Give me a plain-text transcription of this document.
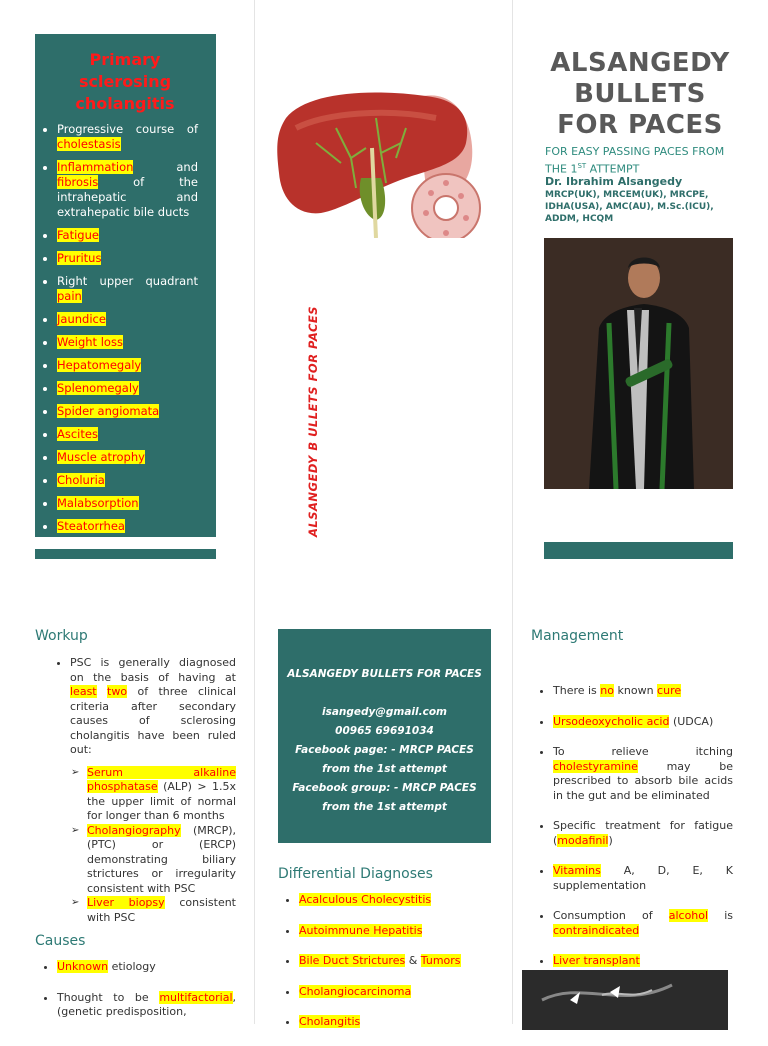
Primary sclerosing cholangitis
• Progressive course of cholestasis
• Inflammation	and fibrosis	of the intrahepatic and extrahepatic bile ducts
• Fatigue
• Pruritus
• Right upper quadrant pain
• Jaundice
• Weight loss
• Hepatomegaly
• Splenomegaly
• Spider angiomata
• Ascites
• Muscle atrophy
• Choluria
• Malabsorption
• Steatorrhea	ALSANGEDY B ULLETS FOR PACES
ALSANGEDY BULLETS FOR PACES
isangedy@gmail.com
00965 69691034
Facebook page: - MRCP PACES
from the 1st attempt
Facebook group: - MRCP PACES
from the 1st attempt
ALSANGEDY
BULLETS
FOR PACES
FOR EASY PASSING PACES FROM
THE 1ST ATTEMPT
Dr. Ibrahim Alsangedy
MRCP(UK), MRCEM(UK), MRCPE, IDHA(USA), AMC(AU), M.Sc.(ICU), ADDM, HCQM
Workup
• PSC is generally diagnosed on the basis of having at least two of three clinical criteria after secondary causes of sclerosing cholangitis have been ruled out:
➢ Serum alkaline phosphatase (ALP) > 1.5x the upper limit of normal for longer than 6 months
➢ Cholangiography (MRCP), (PTC) or (ERCP) demonstrating biliary strictures or irregularity consistent with PSC
➢ Liver biopsy consistent with PSC
Causes
• Unknown etiology
• Thought to be multifactorial, (genetic predisposition,
Differential Diagnoses
• Acalculous Cholecystitis
• Autoimmune Hepatitis
• Bile Duct Strictures & Tumors
• Cholangiocarcinoma
• Cholangitis
Management
• There is no known cure
• Ursodeoxycholic acid (UDCA)
• To relieve itching cholestyramine	may be prescribed to absorb bile acids in the gut and be eliminated
• Specific treatment for fatigue (modafinil)
• Vitamins A, D, E, K supplementation
• Consumption of alcohol is contraindicated
• Liver transplant
